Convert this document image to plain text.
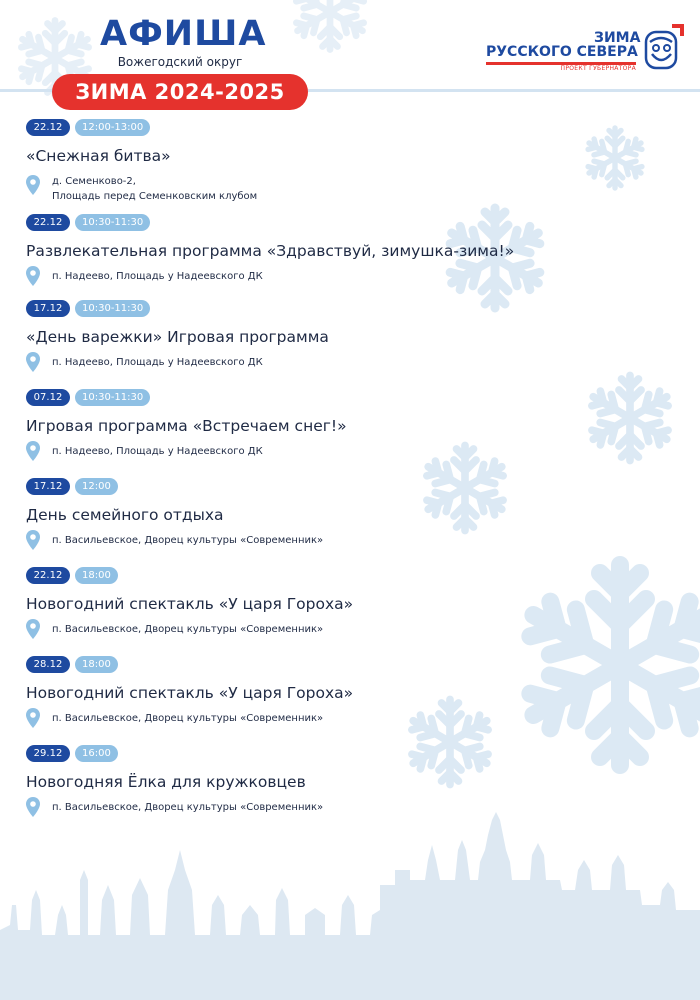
АФИША
Вожегодский округ
ЗИМА 2024-2025
ЗИМА
РУССКОГО СЕВЕРА
ПРОЕКТ ГУБЕРНАТОРА
22.12	12:00-13:00
«Снежная битва»
д. Семенково-2,
Площадь перед Семенковским клубом
22.12	10:30-11:30
Развлекательная программа «Здравствуй, зимушка-зима!»
п. Надеево, Площадь у Надеевского ДК
17.12	10:30-11:30
«День варежки» Игровая программа
п. Надеево, Площадь у Надеевского ДК
07.12	10:30-11:30
Игровая программа «Встречаем снег!»
п. Надеево, Площадь у Надеевского ДК
17.12	12:00
День семейного отдыха
п. Васильевское, Дворец культуры «Современник»
22.12	18:00
Новогодний спектакль «У царя Гороха»
п. Васильевское, Дворец культуры «Современник»
28.12	18:00
Новогодний спектакль «У царя Гороха»
п. Васильевское, Дворец культуры «Современник»
29.12	16:00
Новогодняя Ёлка для кружковцев
п. Васильевское, Дворец культуры «Современник»
